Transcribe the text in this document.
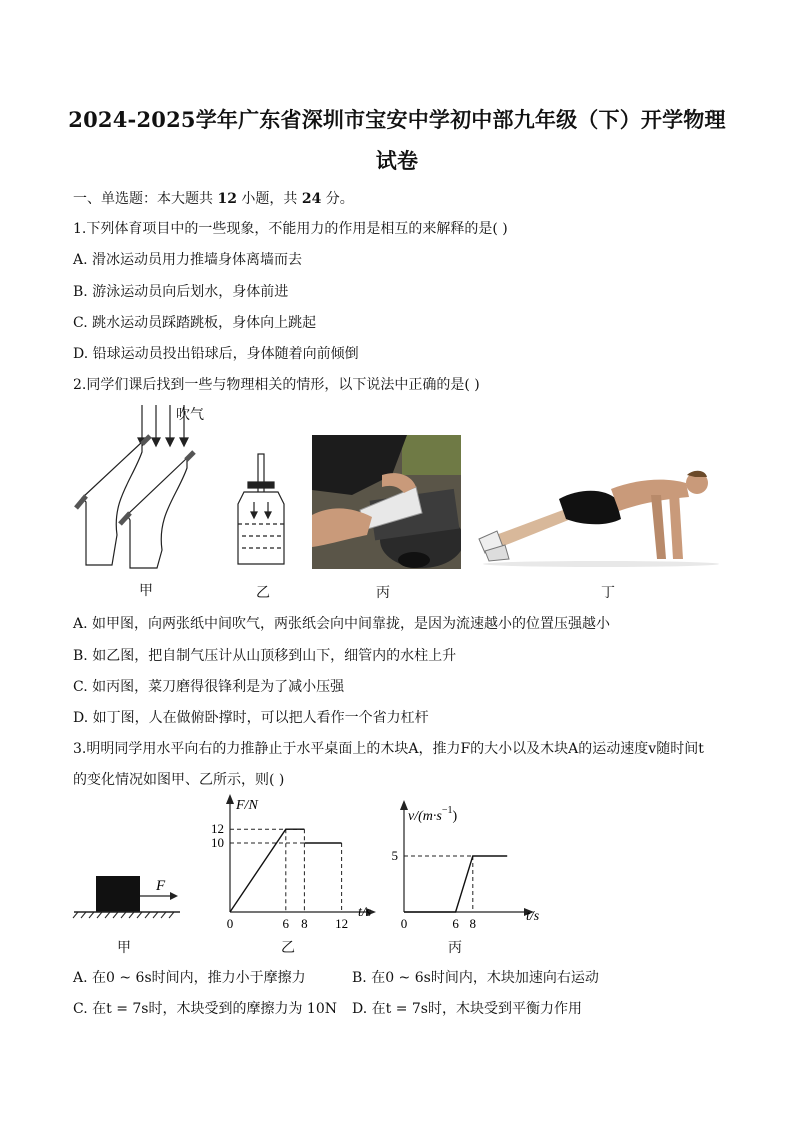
2024-2025学年广东省深圳市宝安中学初中部九年级（下）开学物理
试卷
一、单选题：本大题共 12 小题，共 24 分。
1.下列体育项目中的一些现象，不能用力的作用是相互的来解释的是( )
A. 滑冰运动员用力推墙身体离墙而去
B. 游泳运动员向后划水，身体前进
C. 跳水运动员踩踏跳板，身体向上跳起
D. 铅球运动员投出铅球后，身体随着向前倾倒
2.同学们课后找到一些与物理相关的情形，以下说法中正确的是( )
吹气
甲	乙	丙	丁
A. 如甲图，向两张纸中间吹气，两张纸会向中间靠拢，是因为流速越小的位置压强越小
B. 如乙图，把自制气压计从山顶移到山下，细管内的水柱上升
C. 如丙图，菜刀磨得很锋利是为了减小压强
D. 如丁图，人在做俯卧撑时，可以把人看作一个省力杠杆
3.明明同学用水平向右的力推静止于水平桌面上的木块A，推力F的大小以及木块A的运动速度v随时间t
的变化情况如图甲、乙所示，则( )
F
F/N
t/s
0	6 8 12
10
12
$v/(m\cdot s^{-1})$
t/s
0	6 8
5
甲	乙	丙
A. 在0 ~ 6s时间内，推力小于摩擦力	B. 在0 ~ 6s时间内，木块加速向右运动
C. 在t = 7s时，木块受到的摩擦力为 10N D. 在t = 7s时，木块受到平衡力作用
